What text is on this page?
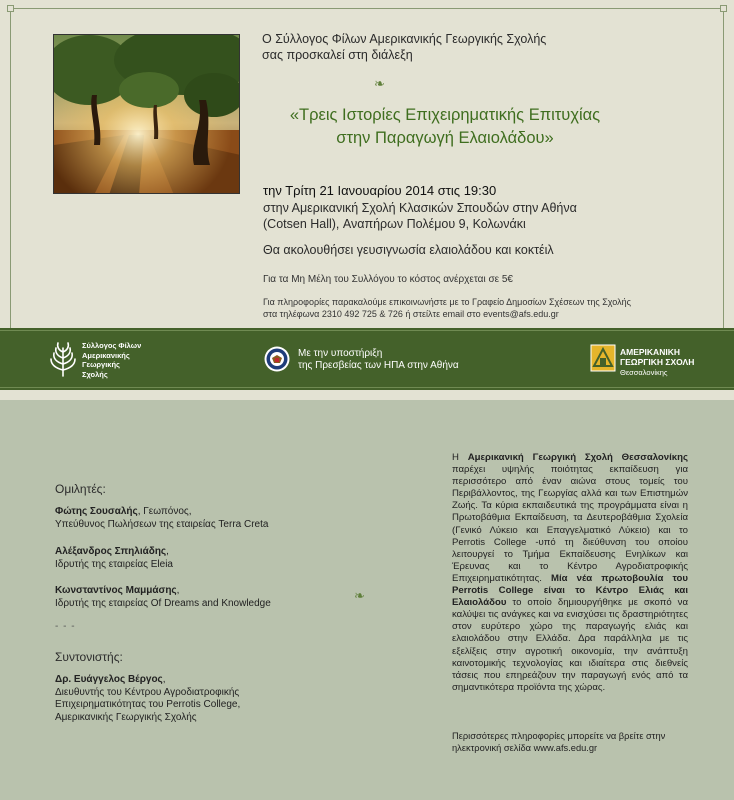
Ο Σύλλογος Φίλων Αμερικανικής Γεωργικής Σχολής
σας προσκαλεί στη διάλεξη
❧
«Τρεις Ιστορίες Επιχειρηματικής Επιτυχίας
στην Παραγωγή Ελαιολάδου»
την Τρίτη 21 Ιανουαρίου 2014 στις 19:30
στην Αμερικανική Σχολή Κλασικών Σπουδών στην Αθήνα
(Cotsen Hall), Αναπήρων Πολέμου 9, Κολωνάκι
Θα ακολουθήσει γευσιγνωσία ελαιολάδου και κοκτέιλ
Για τα Μη Μέλη του Συλλόγου το κόστος ανέρχεται σε 5€
Για πληροφορίες παρακαλούμε επικοινωνήστε με το Γραφείο Δημοσίων Σχέσεων της Σχολής
στα τηλέφωνα 2310 492 725 & 726 ή στείλτε email στο events@afs.edu.gr
Σύλλογος Φίλων
Αμερικανικής
Γεωργικής
Σχολής
Με την υποστήριξη
της Πρεσβείας των ΗΠΑ στην Αθήνα
ΑΜΕΡΙΚΑΝΙΚΗ
ΓΕΩΡΓΙΚΗ ΣΧΟΛΗ
Θεσσαλονίκης
Ομιλητές:
Φώτης Σουσαλής, Γεωπόνος,
Υπεύθυνος Πωλήσεων της εταιρείας Terra Creta
Αλέξανδρος Σπηλιάδης,
Ιδρυτής της εταιρείας Eleia
Κωνσταντίνος Μαμμάσης,
Ιδρυτής της εταιρείας Of Dreams and Knowledge
- - -
Συντονιστής:
Δρ. Ευάγγελος Βέργος,
Διευθυντής του Κέντρου Αγροδιατροφικής
Επιχειρηματικότητας του Perrotis College,
Αμερικανικής Γεωργικής Σχολής
❧
Η Αμερικανική Γεωργική Σχολή Θεσσαλονίκης παρέχει υψηλής ποιότητας εκπαίδευση για περισσότερο από έναν αιώνα στους τομείς του Περιβάλλοντος, της Γεωργίας αλλά και των Επιστημών Ζωής. Τα κύρια εκπαιδευτικά της προγράμματα είναι η Πρωτοβάθμια Εκπαίδευση, τα Δευτεροβάθμια Σχολεία (Γενικό Λύκειο και Επαγγελματικό Λύκειο) και το Perrotis College -υπό τη διεύθυνση του οποίου λειτουργεί το Τμήμα Εκπαίδευσης Ενηλίκων και Έρευνας και το Κέντρο Αγροδιατροφικής Επιχειρηματικότητας. Μία νέα πρωτοβουλία του Perrotis College είναι το Κέντρο Ελιάς και Ελαιολάδου το οποίο δημιουργήθηκε με σκοπό να καλύψει τις ανάγκες και να ενισχύσει τις δραστηριότητες στον ευρύτερο χώρο της παραγωγής ελιάς και ελαιολάδου στην Ελλάδα. Δρα παράλληλα με τις εξελίξεις στην αγροτική οικονομία, την ανάπτυξη καινοτομικής τεχνολογίας και ιδιαίτερα στις διεθνείς τάσεις που επηρεάζουν την παραγωγή ενός από τα σημαντικότερα προϊόντα της χώρας.
Περισσότερες πληροφορίες μπορείτε να βρείτε στην
ηλεκτρονική σελίδα www.afs.edu.gr
